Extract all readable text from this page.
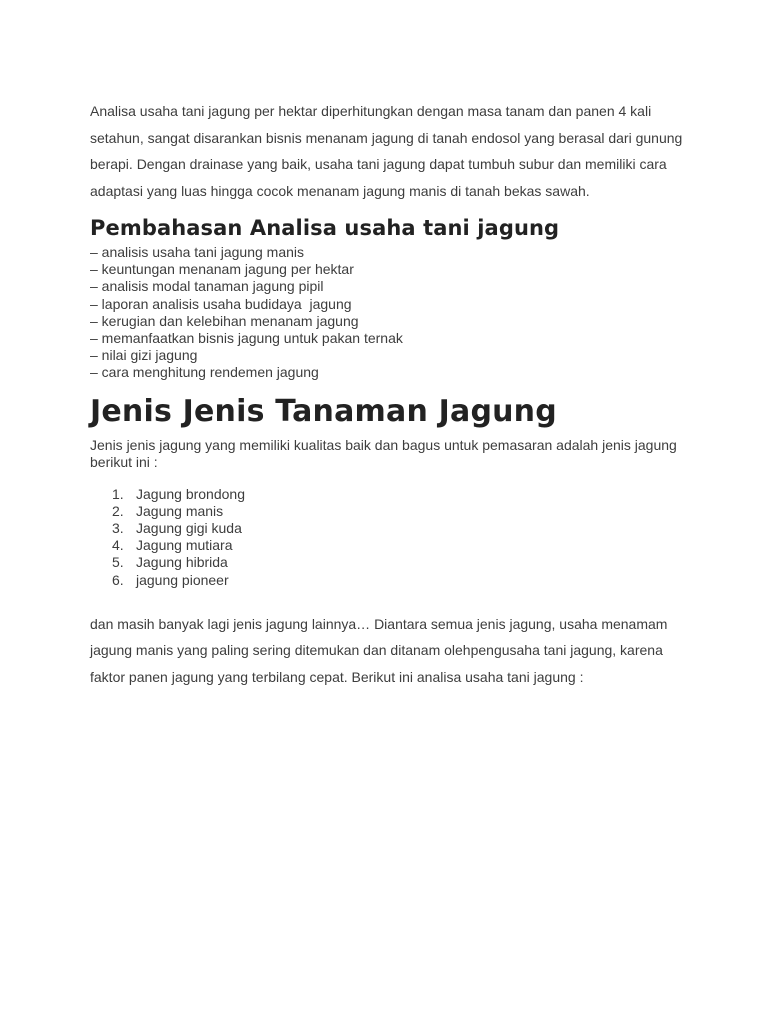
Analisa usaha tani jagung per hektar diperhitungkan dengan masa tanam dan panen 4 kali setahun, sangat disarankan bisnis menanam jagung di tanah endosol yang berasal dari gunung berapi. Dengan drainase yang baik, usaha tani jagung dapat tumbuh subur dan memiliki cara adaptasi yang luas hingga cocok menanam jagung manis di tanah bekas sawah.

Pembahasan Analisa usaha tani jagung
– analisis usaha tani jagung manis
– keuntungan menanam jagung per hektar
– analisis modal tanaman jagung pipil
– laporan analisis usaha budidaya  jagung
– kerugian dan kelebihan menanam jagung
– memanfaatkan bisnis jagung untuk pakan ternak
– nilai gizi jagung
– cara menghitung rendemen jagung
Jenis Jenis Tanaman Jagung

Jenis jenis jagung yang memiliki kualitas baik dan bagus untuk pemasaran adalah jenis jagung berikut ini :

1. Jagung brondong
2. Jagung manis
3. Jagung gigi kuda
4. Jagung mutiara
5. Jagung hibrida
6. jagung pioneer

dan masih banyak lagi jenis jagung lainnya… Diantara semua jenis jagung, usaha menamam jagung manis yang paling sering ditemukan dan ditanam olehpengusaha tani jagung, karena faktor panen jagung yang terbilang cepat. Berikut ini analisa usaha tani jagung :
